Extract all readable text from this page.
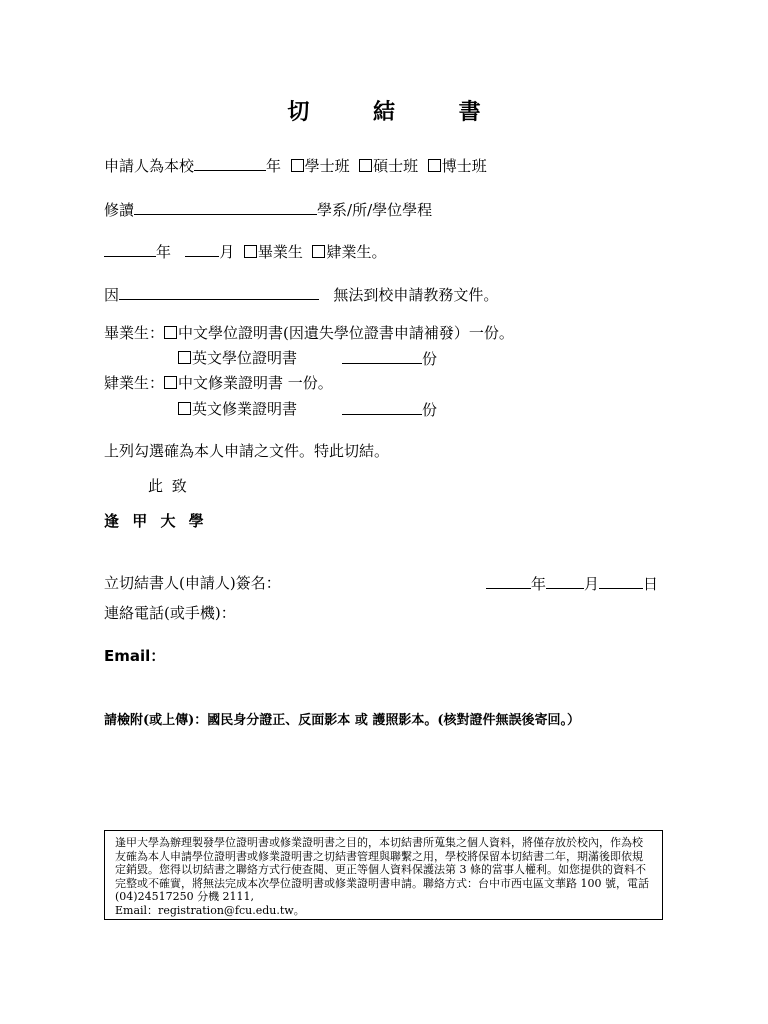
切 結 書
申請人為本校	年 學士班 碩士班 博士班
修讀	學系/所/學位學程
年	月 畢業生 肄業生。
因	無法到校申請教務文件。
畢業生： 中文學位證明書(因遺失學位證書申請補發）一份。
英文學位證明書	份
肄業生： 中文修業證明書 一份。
英文修業證明書	份
上列勾選確為本人申請之文件。特此切結。
此 致
逢 甲 大 學
立切結書人(申請人)簽名：	年	月	日
連絡電話(或手機)：
Email：
請檢附(或上傳)：國民身分證正、反面影本 或 護照影本。(核對證件無誤後寄回。）

逢甲大學為辦理製發學位證明書或修業證明書之目的，本切結書所蒐集之個人資料，將僅存放於校內，作為校友確為本人申請學位證明書或修業證明書之切結書管理與聯繫之用，學校將保留本切結書二年，期滿後即依規定銷毀。您得以切結書之聯絡方式行使查閱、更正等個人資料保護法第 3 條的當事人權利。如您提供的資料不完整或不確實，將無法完成本次學位證明書或修業證明書申請。聯絡方式：台中市西屯區文華路 100 號，電話(04)24517250 分機 2111,

Email：registration@fcu.edu.tw。
